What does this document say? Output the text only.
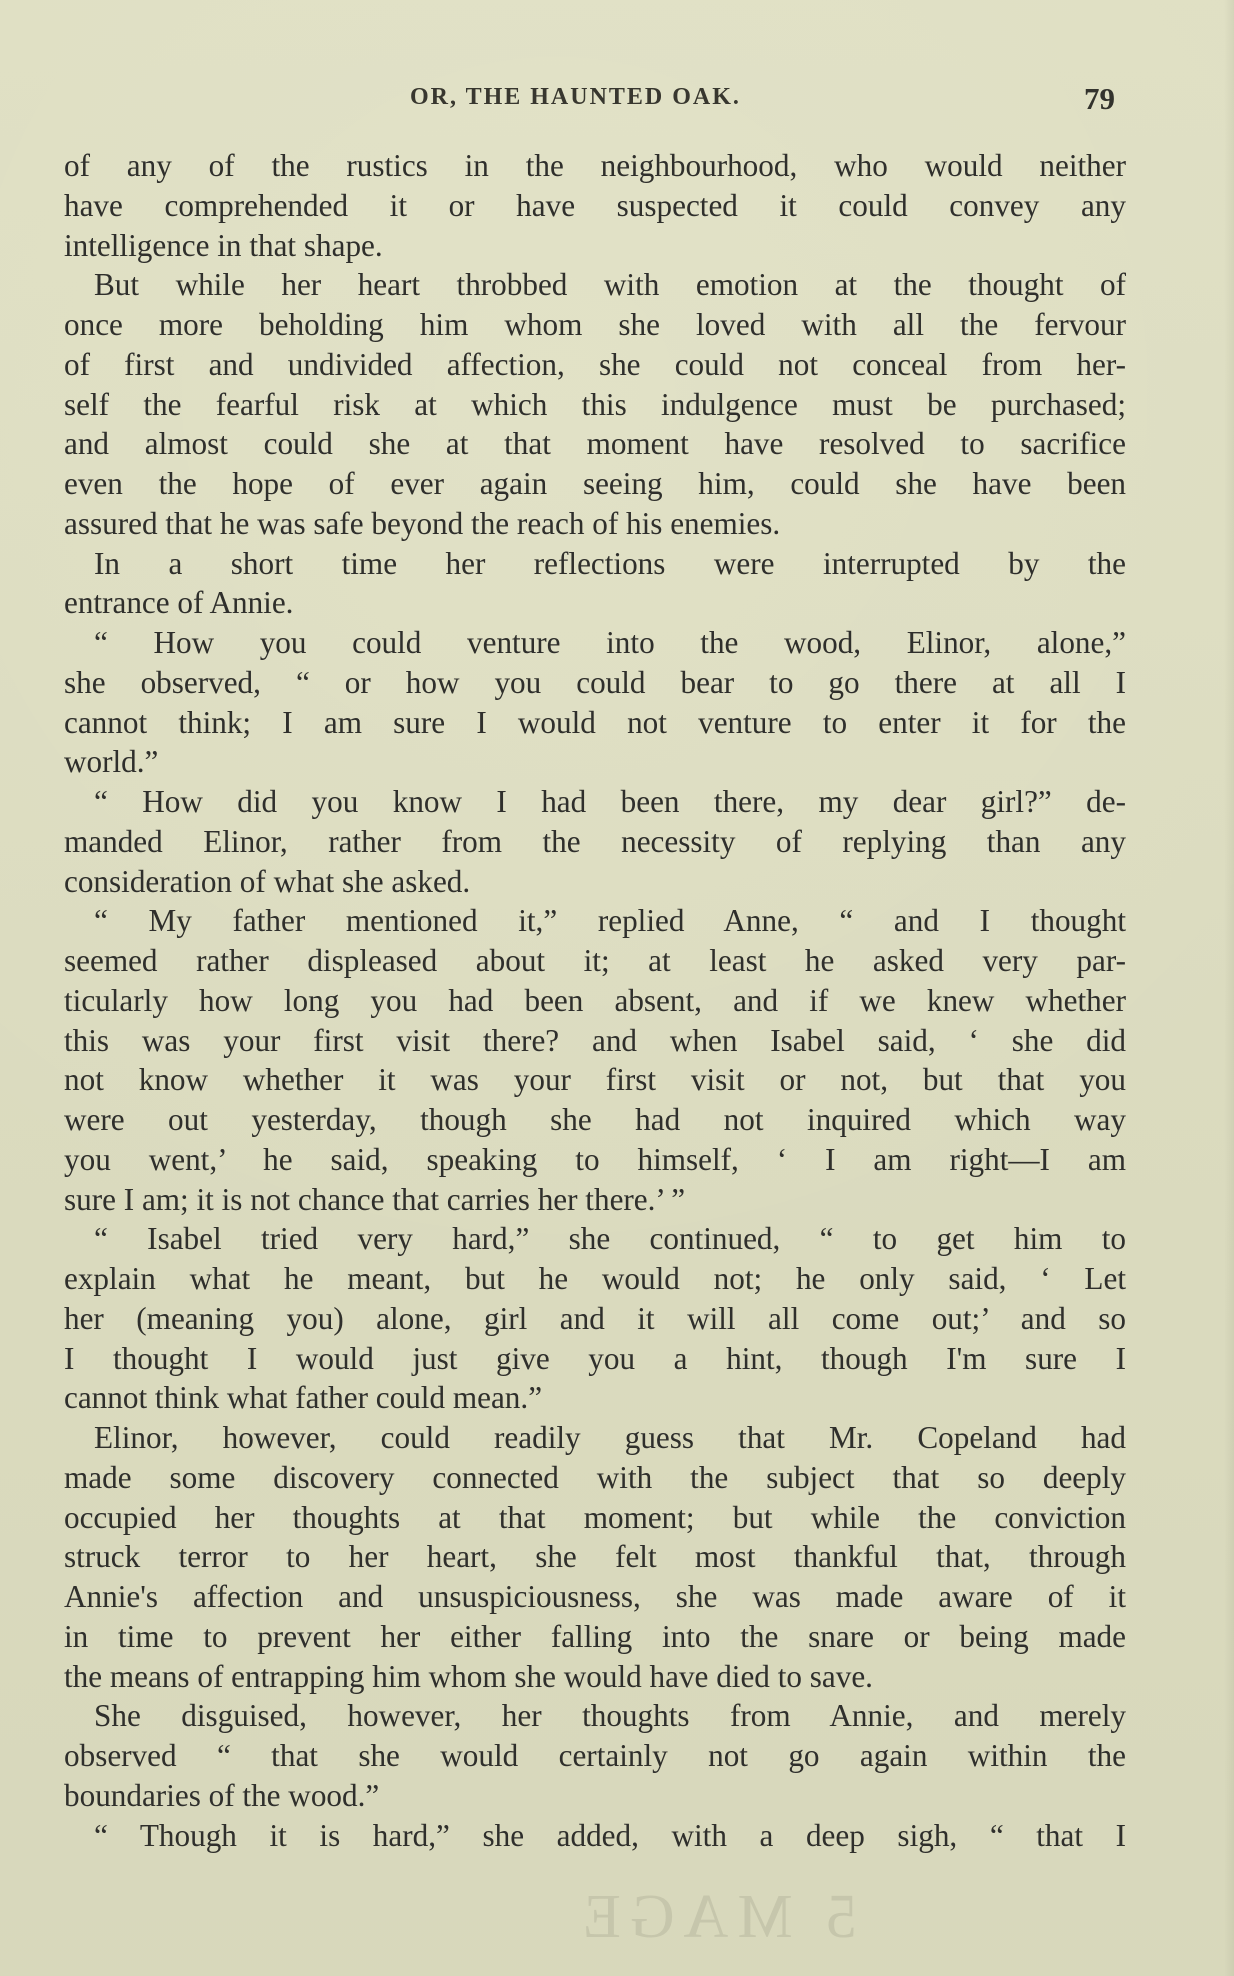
OR, THE HAUNTED OAK.	79
of any of the rustics in the neighbourhood, who would neither
have comprehended it or have suspected it could convey any
intelligence in that shape.
But while her heart throbbed with emotion at the thought of
once more beholding him whom she loved with all the fervour
of first and undivided affection, she could not conceal from her-
self the fearful risk at which this indulgence must be purchased;
and almost could she at that moment have resolved to sacrifice
even the hope of ever again seeing him, could she have been
assured that he was safe beyond the reach of his enemies.
In a short time her reflections were interrupted by the
entrance of Annie.
“ How you could venture into the wood, Elinor, alone,”
she observed, “ or how you could bear to go there at all I
cannot think; I am sure I would not venture to enter it for the
world.”
“ How did you know I had been there, my dear girl?” de-
manded Elinor, rather from the necessity of replying than any
consideration of what she asked.
“ My father mentioned it,” replied Anne, “ and I thought
seemed rather displeased about it; at least he asked very par-
ticularly how long you had been absent, and if we knew whether
this was your first visit there? and when Isabel said, ‘ she did
not know whether it was your first visit or not, but that you
were out yesterday, though she had not inquired which way
you went,’ he said, speaking to himself, ‘ I am right—I am
sure I am; it is not chance that carries her there.’ ”
“ Isabel tried very hard,” she continued, “ to get him to
explain what he meant, but he would not; he only said, ‘ Let
her (meaning you) alone, girl and it will all come out;’ and so
I thought I would just give you a hint, though I'm sure I
cannot think what father could mean.”
Elinor, however, could readily guess that Mr. Copeland had
made some discovery connected with the subject that so deeply
occupied her thoughts at that moment; but while the conviction
struck terror to her heart, she felt most thankful that, through
Annie's affection and unsuspiciousness, she was made aware of it
in time to prevent her either falling into the snare or being made
the means of entrapping him whom she would have died to save.
She disguised, however, her thoughts from Annie, and merely
observed “ that she would certainly not go again within the
boundaries of the wood.”
“ Though it is hard,” she added, with a deep sigh, “ that I
5 MAGE
